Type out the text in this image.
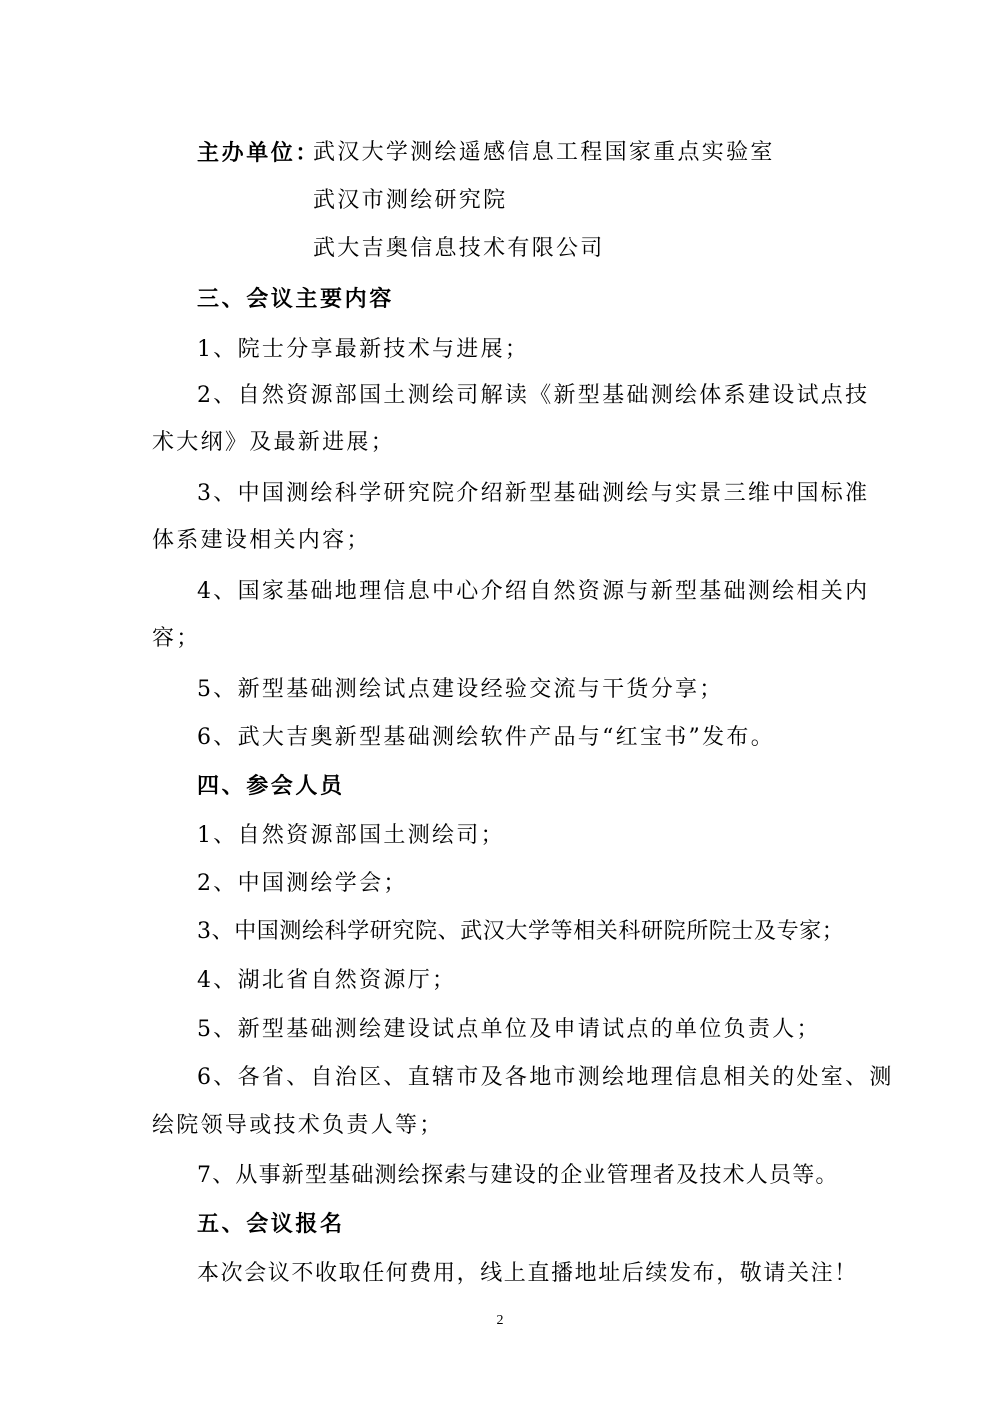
主办单位：
武汉大学测绘遥感信息工程国家重点实验室
武汉市测绘研究院
武大吉奥信息技术有限公司
三、会议主要内容
1、院士分享最新技术与进展；
2、自然资源部国土测绘司解读《新型基础测绘体系建设试点技
术大纲》及最新进展；
3、中国测绘科学研究院介绍新型基础测绘与实景三维中国标准
体系建设相关内容；
4、国家基础地理信息中心介绍自然资源与新型基础测绘相关内
容；
5、新型基础测绘试点建设经验交流与干货分享；
6、武大吉奥新型基础测绘软件产品与“红宝书”发布。
四、参会人员
1、自然资源部国土测绘司；
2、中国测绘学会；
3、中国测绘科学研究院、武汉大学等相关科研院所院士及专家；
4、湖北省自然资源厅；
5、新型基础测绘建设试点单位及申请试点的单位负责人；
6、各省、自治区、直辖市及各地市测绘地理信息相关的处室、测
绘院领导或技术负责人等；
7、从事新型基础测绘探索与建设的企业管理者及技术人员等。
五、会议报名
本次会议不收取任何费用，线上直播地址后续发布，敬请关注！
2
